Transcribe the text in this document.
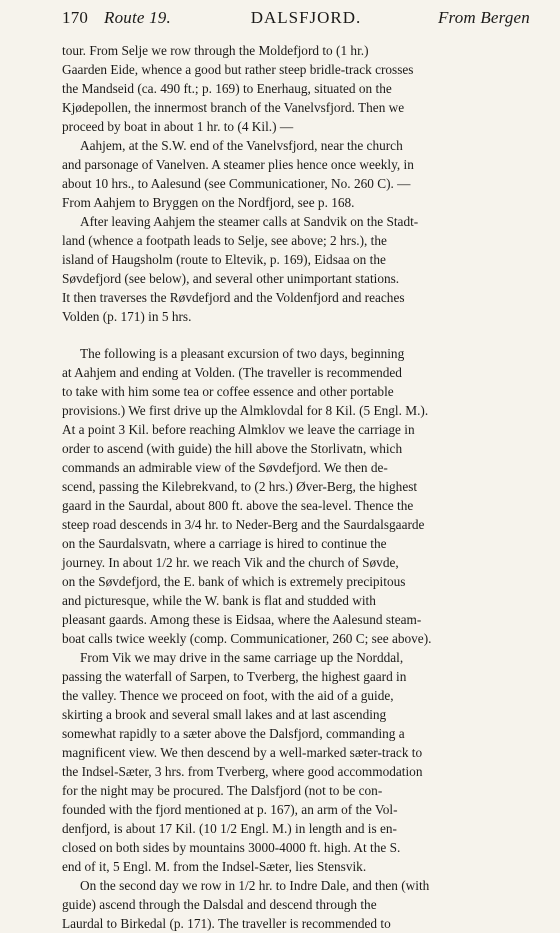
170 Route 19.	DALSFJORD.	From Bergen

tour. From Selje we row through the Moldefjord to (1 hr.)
Gaarden Eide, whence a good but rather steep bridle-track crosses
the Mandseid (ca. 490 ft.; p. 169) to Enerhaug, situated on the
Kjødepollen, the innermost branch of the Vanelvsfjord. Then we
proceed by boat in about 1 hr. to (4 Kil.) —

Aahjem, at the S.W. end of the Vanelvsfjord, near the church
and parsonage of Vanelven. A steamer plies hence once weekly, in
about 10 hrs., to Aalesund (see Communicationer, No. 260 C). —
From Aahjem to Bryggen on the Nordfjord, see p. 168.

After leaving Aahjem the steamer calls at Sandvik on the Stadt-
land (whence a footpath leads to Selje, see above; 2 hrs.), the
island of Haugsholm (route to Eltevik, p. 169), Eidsaa on the
Søvdefjord (see below), and several other unimportant stations.
It then traverses the Røvdefjord and the Voldenfjord and reaches
Volden (p. 171) in 5 hrs.

The following is a pleasant excursion of two days, beginning
at Aahjem and ending at Volden. (The traveller is recommended
to take with him some tea or coffee essence and other portable
provisions.) We first drive up the Almklovdal for 8 Kil. (5 Engl. M.).
At a point 3 Kil. before reaching Almklov we leave the carriage in
order to ascend (with guide) the hill above the Storlivatn, which
commands an admirable view of the Søvdefjord. We then de-
scend, passing the Kilebrekvand, to (2 hrs.) Øver-Berg, the highest
gaard in the Saurdal, about 800 ft. above the sea-level. Thence the
steep road descends in 3/4 hr. to Neder-Berg and the Saurdalsgaarde
on the Saurdalsvatn, where a carriage is hired to continue the
journey. In about 1/2 hr. we reach Vik and the church of Søvde,
on the Søvdefjord, the E. bank of which is extremely precipitous
and picturesque, while the W. bank is flat and studded with
pleasant gaards. Among these is Eidsaa, where the Aalesund steam-
boat calls twice weekly (comp. Communicationer, 260 C; see above).

From Vik we may drive in the same carriage up the Norddal,
passing the waterfall of Sarpen, to Tverberg, the highest gaard in
the valley. Thence we proceed on foot, with the aid of a guide,
skirting a brook and several small lakes and at last ascending
somewhat rapidly to a sæter above the Dalsfjord, commanding a
magnificent view. We then descend by a well-marked sæter-track to
the Indsel-Sæter, 3 hrs. from Tverberg, where good accommodation
for the night may be procured. The Dalsfjord (not to be con-
founded with the fjord mentioned at p. 167), an arm of the Vol-
denfjord, is about 17 Kil. (10 1/2 Engl. M.) in length and is en-
closed on both sides by mountains 3000-4000 ft. high. At the S.
end of it, 5 Engl. M. from the Indsel-Sæter, lies Stensvik.

On the second day we row in 1/2 hr. to Indre Dale, and then (with
guide) ascend through the Dalsdal and descend through the
Laurdal to Birkedal (p. 171). The traveller is recommended to
